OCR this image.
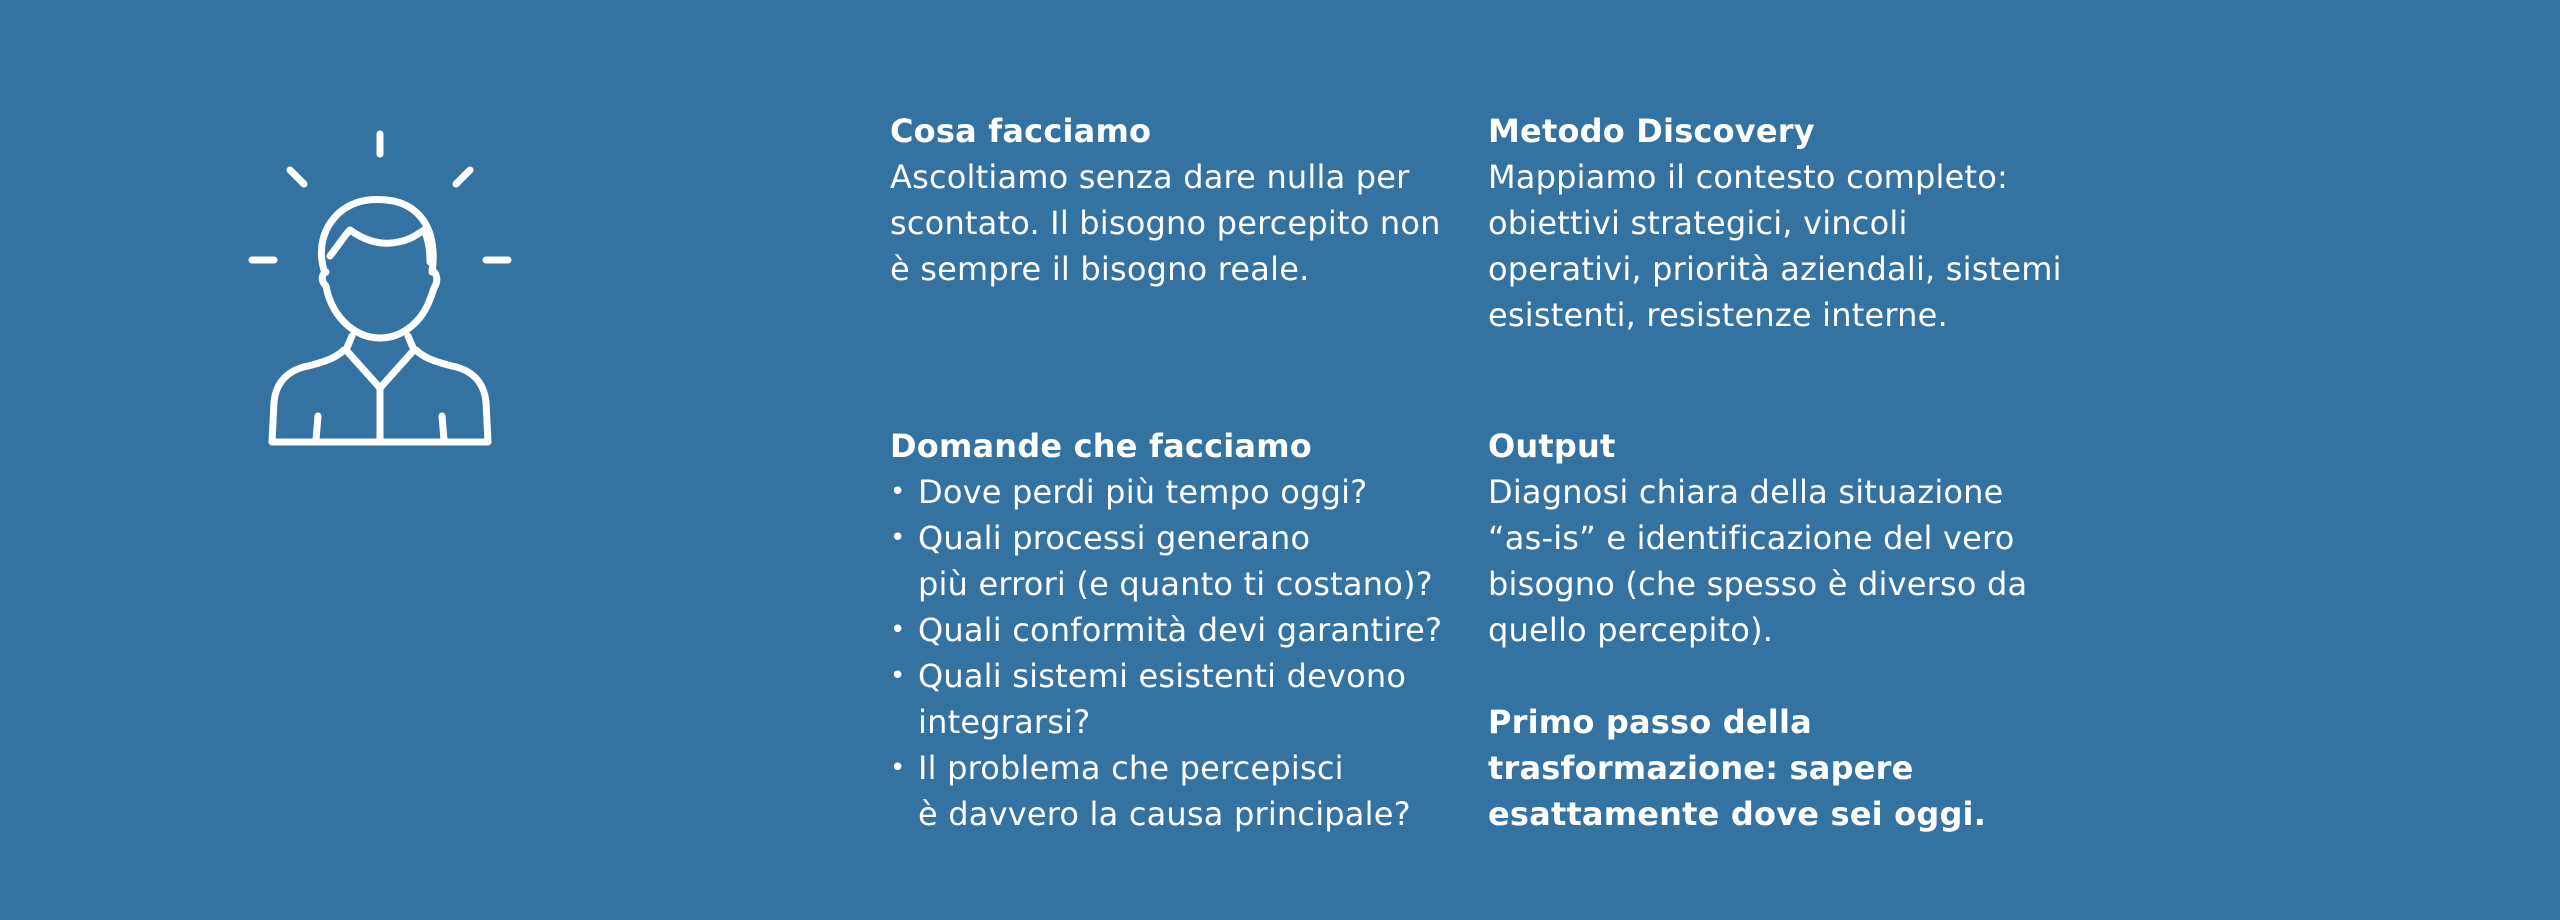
Cosa facciamo

Ascoltiamo senza dare nulla per

scontato. Il bisogno percepito non

è sempre il bisogno reale.

Metodo Discovery

Mappiamo il contesto completo:

obiettivi strategici, vincoli

operativi, priorità aziendali, sistemi

esistenti, resistenze interne.

Domande che facciamo

• Dove perdi più tempo oggi?
• Quali processi generano
più errori (e quanto ti costano)?
• Quali conformità devi garantire?
• Quali sistemi esistenti devono
integrarsi?
• Il problema che percepisci
è davvero la causa principale?

Output

Diagnosi chiara della situazione

“as-is” e identificazione del vero

bisogno (che spesso è diverso da

quello percepito).

Primo passo della

trasformazione: sapere

esattamente dove sei oggi.
